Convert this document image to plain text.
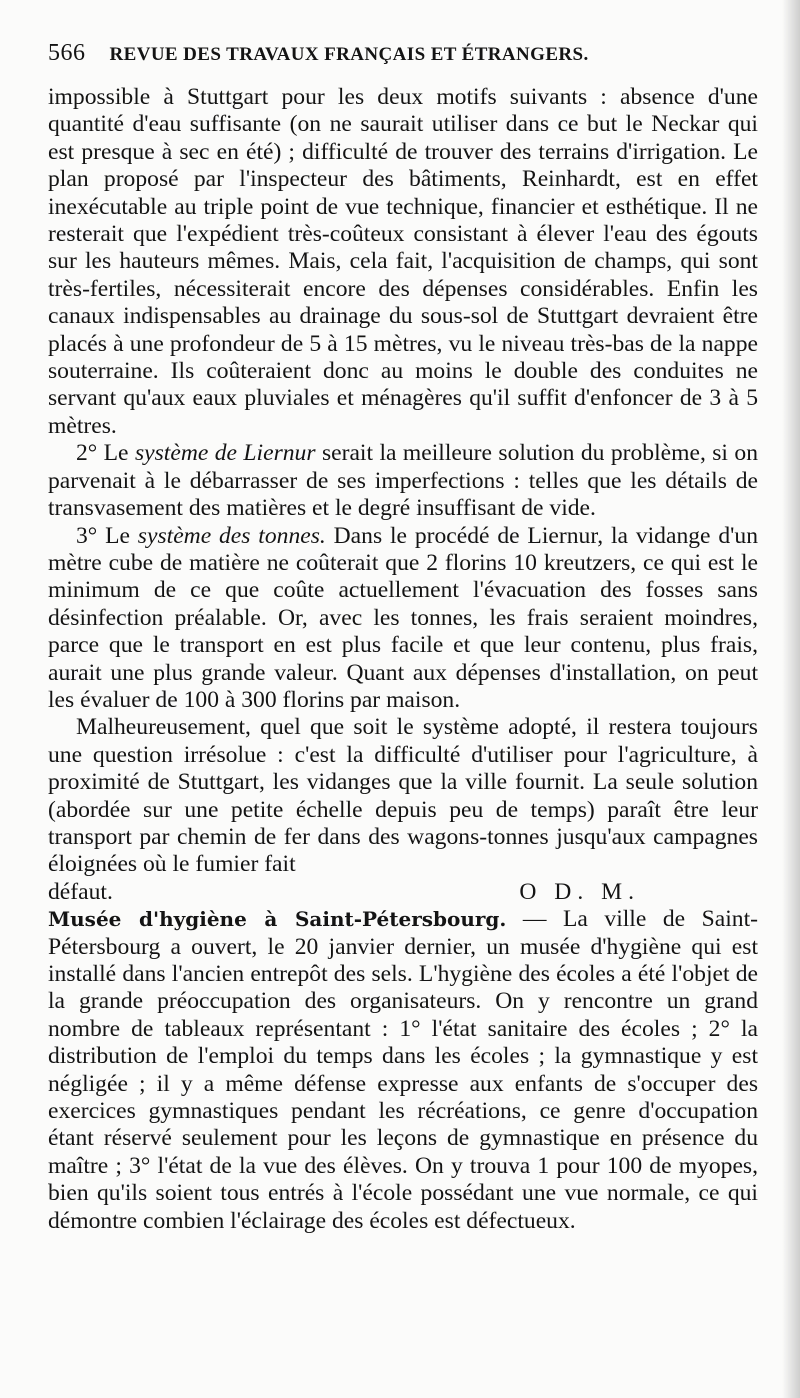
566 REVUE DES TRAVAUX FRANÇAIS ET ÉTRANGERS.

impossible à Stuttgart pour les deux motifs suivants : absence d'une quantité d'eau suffisante (on ne saurait utiliser dans ce but le Neckar qui est presque à sec en été) ; difficulté de trouver des terrains d'irrigation. Le plan proposé par l'inspecteur des bâtiments, Reinhardt, est en effet inexécutable au triple point de vue technique, financier et esthétique. Il ne resterait que l'expédient très-coûteux consistant à élever l'eau des égouts sur les hauteurs mêmes. Mais, cela fait, l'acquisition de champs, qui sont très-fertiles, nécessiterait encore des dépenses considérables. Enfin les canaux indispensables au drainage du sous-sol de Stuttgart devraient être placés à une profondeur de 5 à 15 mètres, vu le niveau très-bas de la nappe souterraine. Ils coûteraient donc au moins le double des conduites ne servant qu'aux eaux pluviales et ménagères qu'il suffit d'enfoncer de 3 à 5 mètres.

2° Le système de Liernur serait la meilleure solution du problème, si on parvenait à le débarrasser de ses imperfections : telles que les détails de transvasement des matières et le degré insuffisant de vide.

3° Le système des tonnes. Dans le procédé de Liernur, la vidange d'un mètre cube de matière ne coûterait que 2 florins 10 kreutzers, ce qui est le minimum de ce que coûte actuellement l'évacuation des fosses sans désinfection préalable. Or, avec les tonnes, les frais seraient moindres, parce que le transport en est plus facile et que leur contenu, plus frais, aurait une plus grande valeur. Quant aux dépenses d'installation, on peut les évaluer de 100 à 300 florins par maison.

Malheureusement, quel que soit le système adopté, il restera toujours une question irrésolue : c'est la difficulté d'utiliser pour l'agriculture, à proximité de Stuttgart, les vidanges que la ville fournit. La seule solution (abordée sur une petite échelle depuis peu de temps) paraît être leur transport par chemin de fer dans des wagons-tonnes jusqu'aux campagnes éloignées où le fumier fait

défaut.	O D. M.

Musée d'hygiène à Saint-Pétersbourg. — La ville de Saint-Pétersbourg a ouvert, le 20 janvier dernier, un musée d'hygiène qui est installé dans l'ancien entrepôt des sels. L'hygiène des écoles a été l'objet de la grande préoccupation des organisateurs. On y rencontre un grand nombre de tableaux représentant : 1° l'état sanitaire des écoles ; 2° la distribution de l'emploi du temps dans les écoles ; la gymnastique y est négligée ; il y a même défense expresse aux enfants de s'occuper des exercices gymnastiques pendant les récréations, ce genre d'occupation étant réservé seulement pour les leçons de gymnastique en présence du maître ; 3° l'état de la vue des élèves. On y trouva 1 pour 100 de myopes, bien qu'ils soient tous entrés à l'école possédant une vue normale, ce qui démontre combien l'éclairage des écoles est défectueux.
